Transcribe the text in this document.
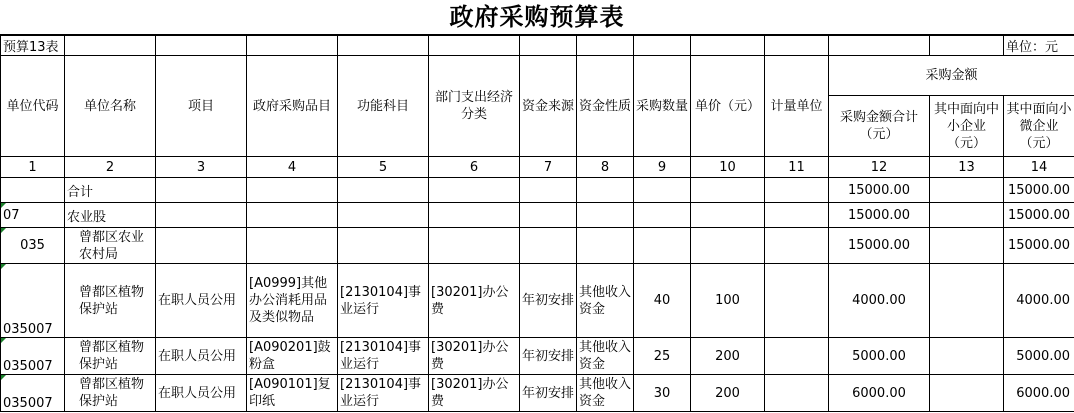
政府采购预算表
预算13表													单位：元
单位代码	单位名称	项目	政府采购品目	功能科目	部门支出经济分类	资金来源	资金性质	采购数量	单价（元）	计量单位	采购金额		
											采购金额合计（元）	其中面向中小企业（元）	其中面向小微企业（元）
1	2	3	4	5	6	7	8	9	10	11	12	13	14
	合计										15000.00		15000.00
07	农业股										15000.00		15000.00
035	曾都区农业农村局										15000.00		15000.00
035007	曾都区植物保护站	在职人员公用	[A0999]其他办公消耗用品及类似物品	[2130104]事业运行	[30201]办公费	年初安排	其他收入资金	40	100		4000.00		4000.00
035007	曾都区植物保护站	在职人员公用	[A090201]鼓粉盒	[2130104]事业运行	[30201]办公费	年初安排	其他收入资金	25	200		5000.00		5000.00
035007	曾都区植物保护站	在职人员公用	[A090101]复印纸	[2130104]事业运行	[30201]办公费	年初安排	其他收入资金	30	200		6000.00		6000.00
